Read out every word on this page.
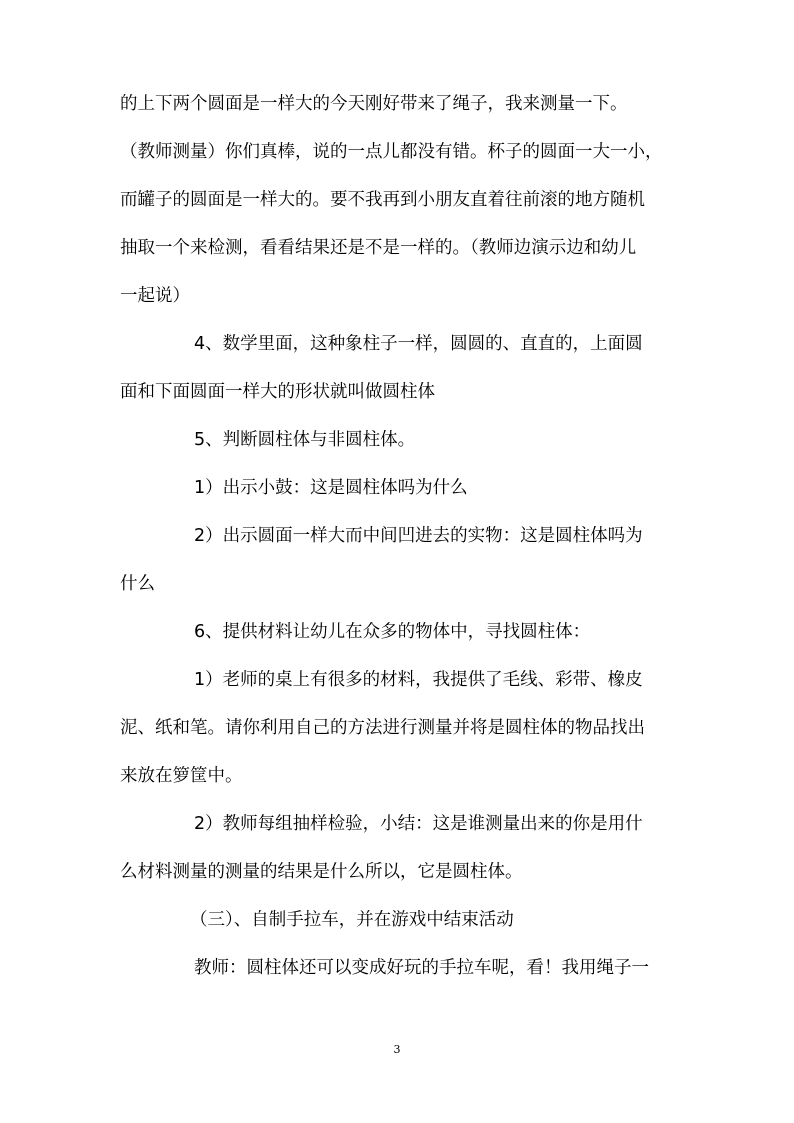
的上下两个圆面是一样大的今天刚好带来了绳子，我来测量一下。
（教师测量）你们真棒，说的一点儿都没有错。杯子的圆面一大一小，
而罐子的圆面是一样大的。要不我再到小朋友直着往前滚的地方随机
抽取一个来检测，看看结果还是不是一样的。（教师边演示边和幼儿
一起说）
4、数学里面，这种象柱子一样，圆圆的、直直的，上面圆
面和下面圆面一样大的形状就叫做圆柱体
5、判断圆柱体与非圆柱体。
1）出示小鼓：这是圆柱体吗为什么
2）出示圆面一样大而中间凹进去的实物：这是圆柱体吗为
什么
6、提供材料让幼儿在众多的物体中，寻找圆柱体：
1）老师的桌上有很多的材料，我提供了毛线、彩带、橡皮
泥、纸和笔。请你利用自己的方法进行测量并将是圆柱体的物品找出
来放在箩筐中。
2）教师每组抽样检验，小结：这是谁测量出来的你是用什
么材料测量的测量的结果是什么所以，它是圆柱体。
（三）、自制手拉车，并在游戏中结束活动
教师：圆柱体还可以变成好玩的手拉车呢，看！我用绳子一
3
